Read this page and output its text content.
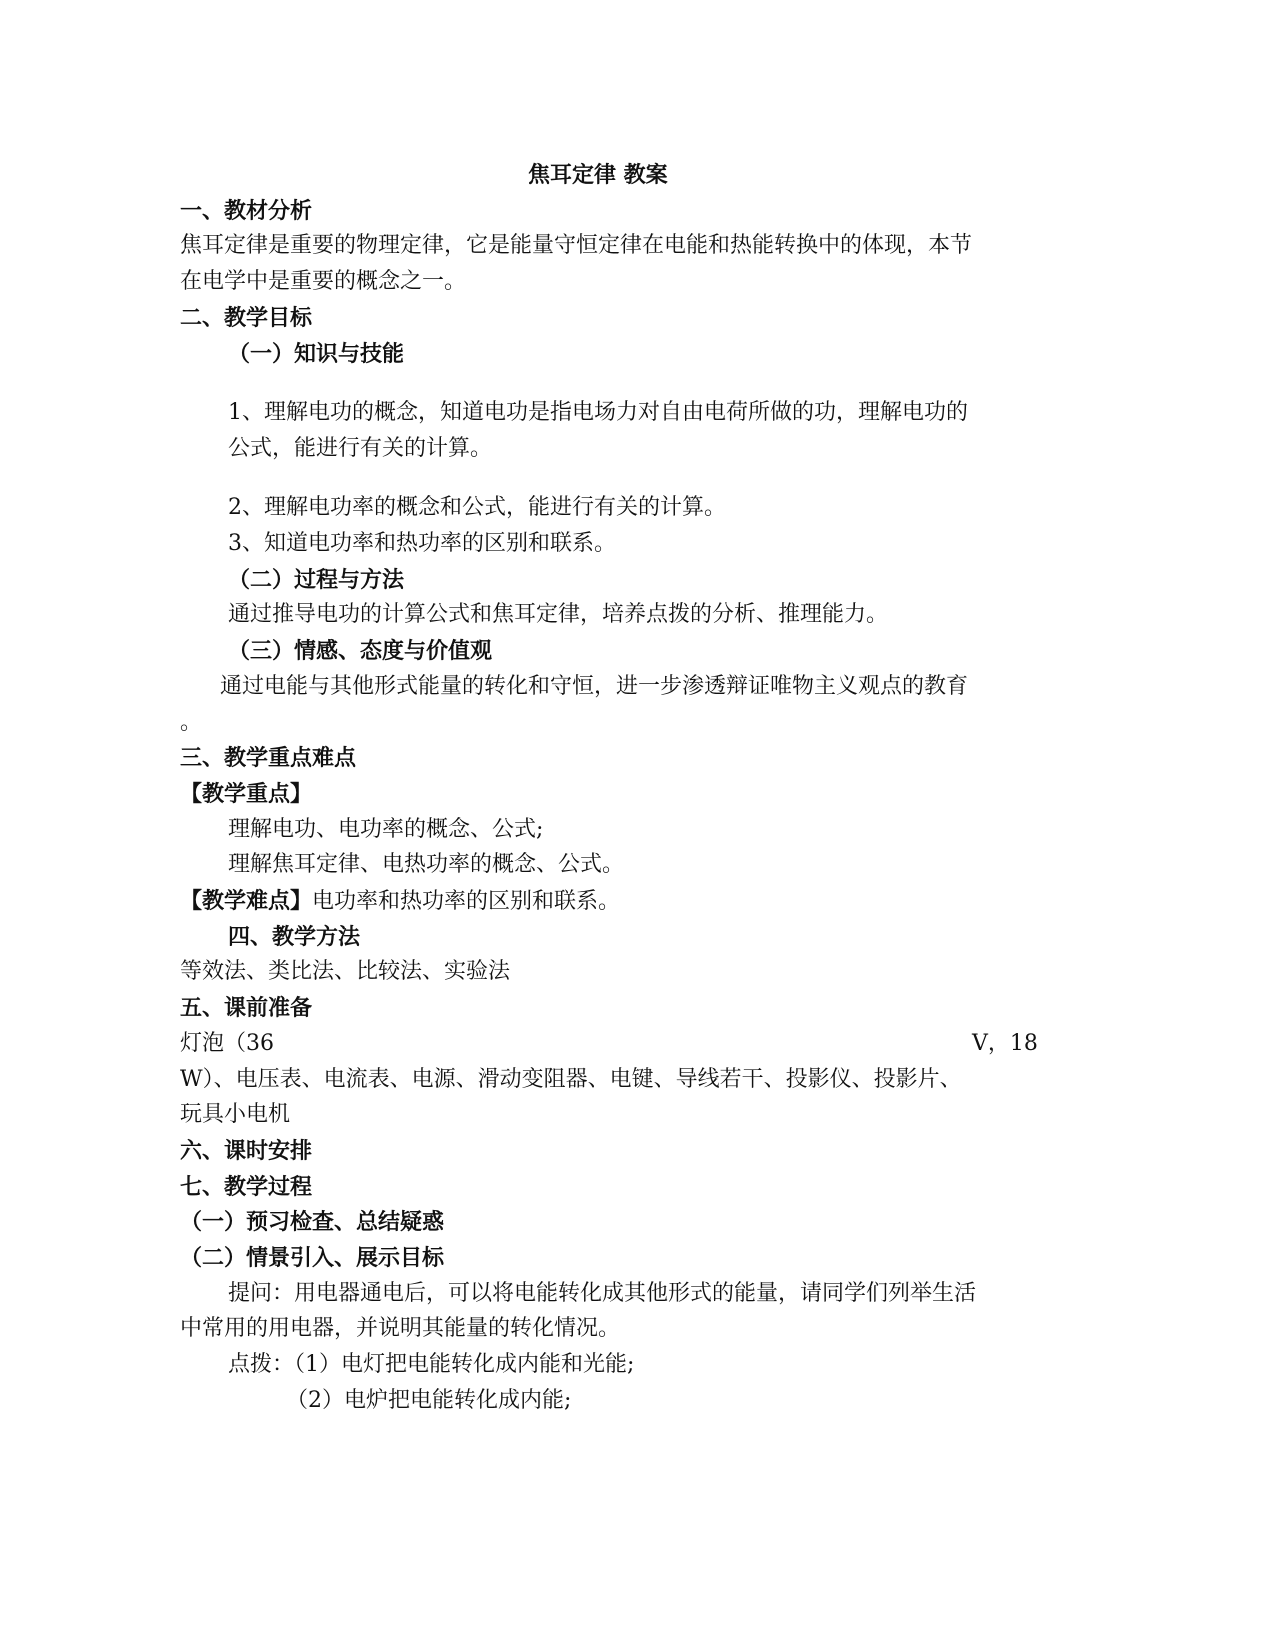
焦耳定律 教案
一、教材分析
焦耳定律是重要的物理定律，它是能量守恒定律在电能和热能转换中的体现，本节
在电学中是重要的概念之一。
二、教学目标
（一）知识与技能
1、理解电功的概念，知道电功是指电场力对自由电荷所做的功，理解电功的
公式，能进行有关的计算。
2、理解电功率的概念和公式，能进行有关的计算。
3、知道电功率和热功率的区别和联系。
（二）过程与方法
通过推导电功的计算公式和焦耳定律，培养点拨的分析、推理能力。
（三）情感、态度与价值观
通过电能与其他形式能量的转化和守恒，进一步渗透辩证唯物主义观点的教育
。
三、教学重点难点
【教学重点】
理解电功、电功率的概念、公式;
理解焦耳定律、电热功率的概念、公式。
【教学难点】电功率和热功率的区别和联系。
四、教学方法
等效法、类比法、比较法、实验法
五、课前准备
灯泡（36	V，18
W）、电压表、电流表、电源、滑动变阻器、电键、导线若干、投影仪、投影片、
玩具小电机
六、课时安排
七、教学过程
（一）预习检查、总结疑惑
（二）情景引入、展示目标
提问：用电器通电后，可以将电能转化成其他形式的能量，请同学们列举生活
中常用的用电器，并说明其能量的转化情况。
点拨：（1）电灯把电能转化成内能和光能;
（2）电炉把电能转化成内能;
